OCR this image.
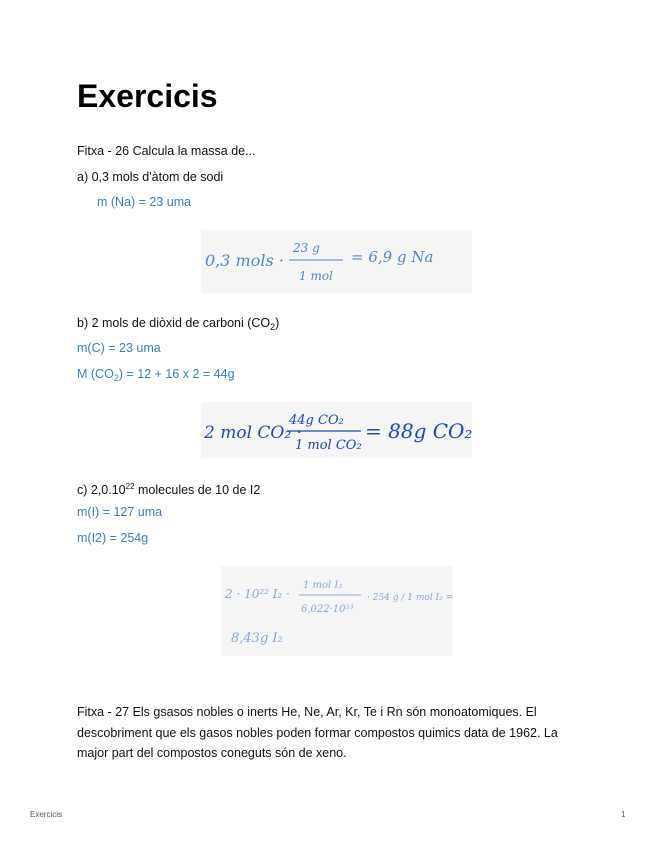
Exercicis
Fitxa - 26 Calcula la massa de...
a) 0,3 mols d'àtom de sodi
m (Na) = 23 uma
0,3 mols ·
23 g
1 mol
= 6,9 g Na
b) 2 mols de diòxid de carboni $(CO_2)$
m(C) = 23 uma
M $(CO_2) = 12 + 16$ x 2 = 44g
2 mol CO₂ ·
44g CO₂
1 mol CO₂
= 88g CO₂
c) 2,0.10$^{22}$ molecules de 10 de I2
m(I) = 127 uma
m(I2) = 254g
2 · 10²² I₂ ·
1 mol I₂
6,022·10²³
· 254 g / 1 mol I₂ =
8,43g I₂
Fitxa - 27 Els gsasos nobles o inerts He, Ne, Ar, Kr, Te i Rn són monoatomiques. El descobriment que els gasos nobles poden formar compostos quimics data de 1962. La major part del compostos coneguts són de xeno.
Exercicis	1
